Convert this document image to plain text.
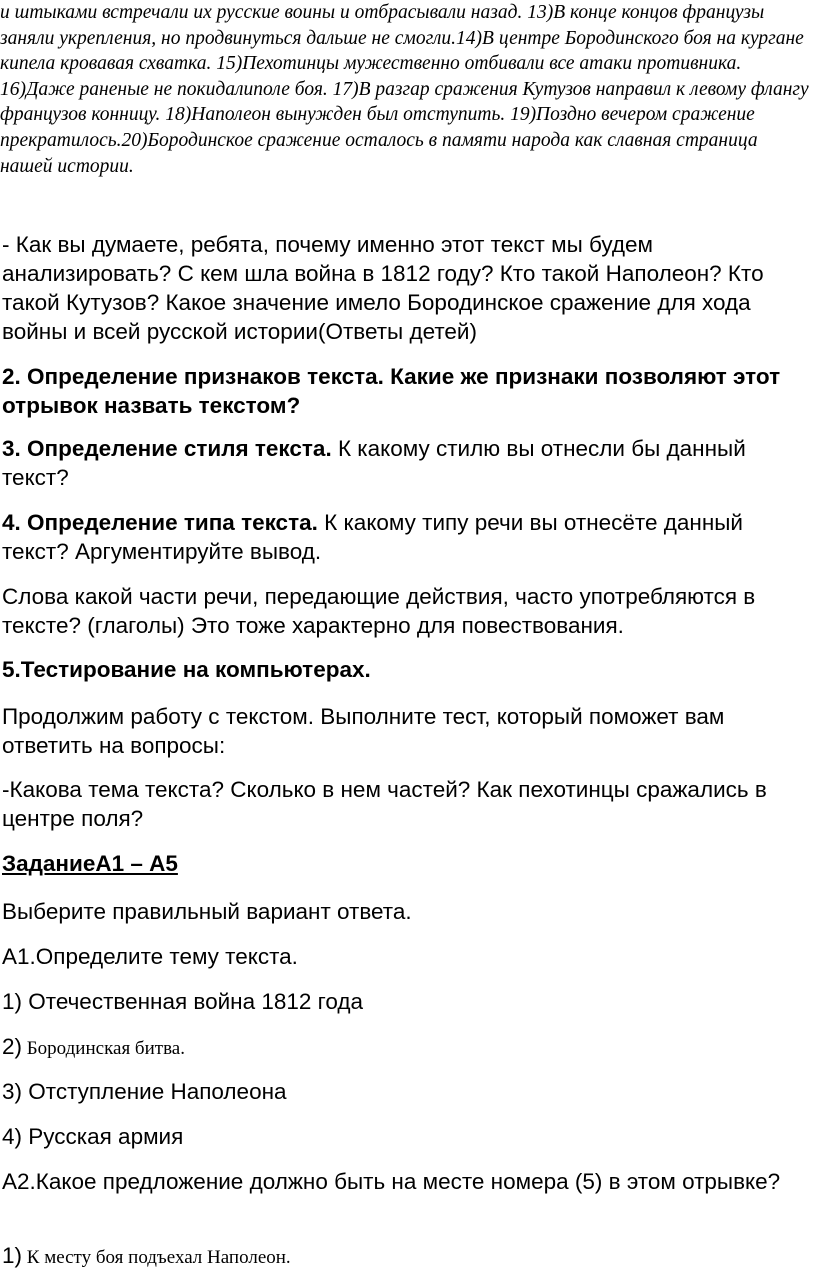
и штыками встречали их русские воины и отбрасывали назад. 13)В конце концов французы заняли укрепления, но продвинуться дальше не смогли.14)В центре Бородинского боя на кургане кипела кровавая схватка. 15)Пехотинцы мужественно отбивали все атаки противника. 16)Даже раненые не покидалиполе боя. 17)В разгар сражения Кутузов направил к левому флангу французов конницу. 18)Наполеон вынужден был отступить. 19)Поздно вечером сражение прекратилось.20)Бородинское сражение осталось в памяти народа как славная страница нашей истории.

- Как вы думаете, ребята, почему именно этот текст мы будем анализировать? С кем шла война в 1812 году? Кто такой Наполеон? Кто такой Кутузов? Какое значение имело Бородинское сражение для хода войны и всей русской истории(Ответы детей)

2. Определение признаков текста. Какие же признаки позволяют этот отрывок назвать текстом?

3. Определение стиля текста. К какому стилю вы отнесли бы данный текст?

4. Определение типа текста. К какому типу речи вы отнесёте данный текст? Аргументируйте вывод.

Слова какой части речи, передающие действия, часто употребляются в тексте? (глаголы) Это тоже характерно для повествования.

5.Тестирование на компьютерах.

Продолжим работу с текстом. Выполните тест, который поможет вам ответить на вопросы:

-Какова тема текста? Сколько в нем частей? Как пехотинцы сражались в центре поля?

ЗаданиеА1 – А5

Выберите правильный вариант ответа.

А1.Определите тему текста.

1) Отечественная война 1812 года

2) Бородинская битва.

3) Отступление Наполеона

4) Русская армия

А2.Какое предложение должно быть на месте номера (5) в этом отрывке?

1) К месту боя подъехал Наполеон.
